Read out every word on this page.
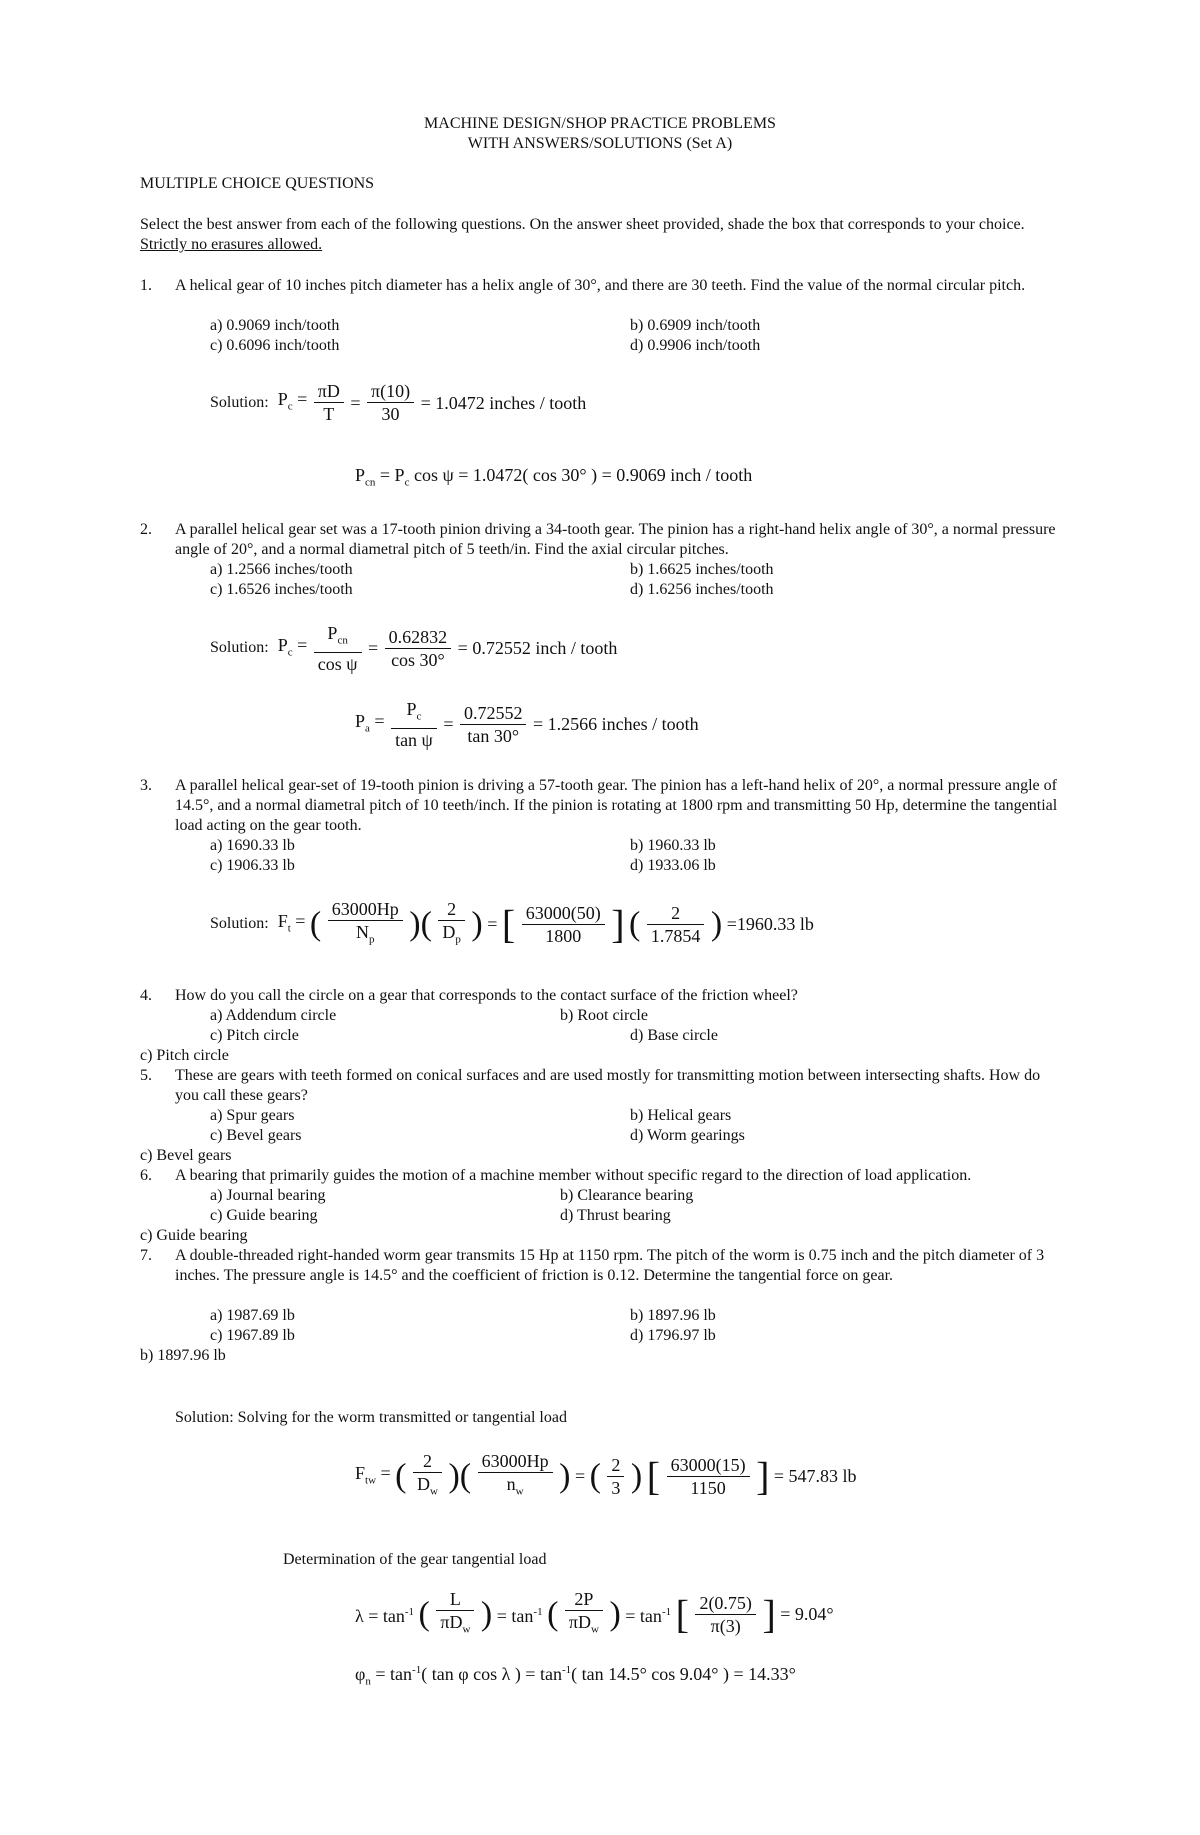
MACHINE DESIGN/SHOP PRACTICE PROBLEMS
WITH ANSWERS/SOLUTIONS (Set A)
MULTIPLE CHOICE QUESTIONS
Select the best answer from each of the following questions. On the answer sheet provided, shade the box that corresponds to your choice. Strictly no erasures allowed.
1. A helical gear of 10 inches pitch diameter has a helix angle of 30°, and there are 30 teeth. Find the value of the normal circular pitch.
a) 0.9069 inch/tooth	b) 0.6909 inch/tooth
c) 0.6096 inch/tooth	d) 0.9906 inch/tooth
Solution: $P_c = \frac{\pi D}{T} = \frac{\pi(10)}{30} = 1.0472$ inches / tooth
$P_{cn} = P_c$ cos ψ = 1.0472( cos 30° ) = 0.9069 inch / tooth
2. A parallel helical gear set was a 17-tooth pinion driving a 34-tooth gear. The pinion has a right-hand helix angle of 30°, a normal pressure angle of 20°, and a normal diametral pitch of 5 teeth/in. Find the axial circular pitches.
a) 1.2566 inches/tooth	b) 1.6625 inches/tooth
c) 1.6526 inches/tooth	d) 1.6256 inches/tooth
Solution:  $P_c = \frac{P_{cn}}{\text{cos ψ}} = \frac{0.62832}{\cos 30^\circ} = 0.72552$ inch / tooth
$P_a = \frac{P_c}{\text{tan ψ}} = \frac{0.72552}{\tan 30^\circ} = 1.2566$ inches / tooth
3. A parallel helical gear-set of 19-tooth pinion is driving a 57-tooth gear. The pinion has a left-hand helix of 20°, a normal pressure angle of 14.5°, and a normal diametral pitch of 10 teeth/inch. If the pinion is rotating at 1800 rpm and transmitting 50 Hp, determine the tangential load acting on the gear tooth.
a) 1690.33 lb	b) 1960.33 lb
c) 1906.33 lb	d) 1933.06 lb
Solution:  $F_t$ = ( $\frac{63000Hp}{N_p}$ )( $\frac{2}{D_p}$ ) = [ $\frac{63000(50)}{1800}$ ] ( $\frac{2}{1.7854}$ ) =1960.33 lb
4. How do you call the circle on a gear that corresponds to the contact surface of the friction wheel?
a) Addendum circle	b) Root circle
c) Pitch circle	d) Base circle
c) Pitch circle
5. These are gears with teeth formed on conical surfaces and are used mostly for transmitting motion between intersecting shafts. How do you call these gears?
a) Spur gears	b) Helical gears
c) Bevel gears	d) Worm gearings
c) Bevel gears
6. A bearing that primarily guides the motion of a machine member without specific regard to the direction of load application.
a) Journal bearing	b) Clearance bearing
c) Guide bearing	d) Thrust bearing
c) Guide bearing
7. A double-threaded right-handed worm gear transmits 15 Hp at 1150 rpm. The pitch of the worm is 0.75 inch and the pitch diameter of 3 inches. The pressure angle is 14.5° and the coefficient of friction is 0.12. Determine the tangential force on gear.
a) 1987.69 lb	b) 1897.96 lb
c) 1967.89 lb	d) 1796.97 lb
b) 1897.96 lb
Solution: Solving for the worm transmitted or tangential load
$F_{tw}$ = ( $\frac{2}{D_w}$ )( $\frac{63000Hp}{n_w}$ ) = ( $\frac{2}{3}$ ) [ $\frac{63000(15)}{1150}$ ] = 547.83 lb
Determination of the gear tangential load
$\lambda = \tan^{-1}$ ( $\frac{L}{\pi D_w}$ ) = $\tan^{-1}$ ( $\frac{2P}{\pi D_w}$ ) = $\tan^{-1}$ [ $\frac{2(0.75)}{\pi(3)}$ ] = 9.04°
$\varphi_n = \tan^{-1}$( tan φ cos λ ) = $\tan^{-1}$( tan 14.5° cos 9.04° ) = 14.33°
